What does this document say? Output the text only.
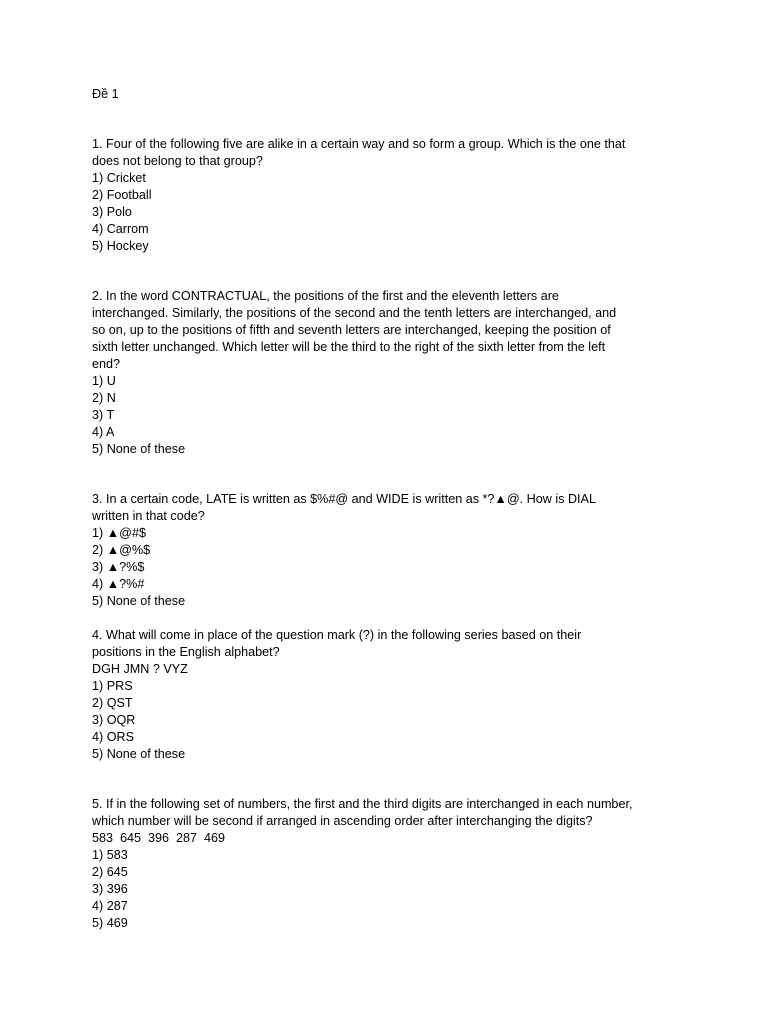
Đề 1
1. Four of the following five are alike in a certain way and so form a group. Which is the one that
does not belong to that group?
1) Cricket
2) Football
3) Polo
4) Carrom
5) Hockey
2. In the word CONTRACTUAL, the positions of the first and the eleventh letters are
interchanged. Similarly, the positions of the second and the tenth letters are interchanged, and
so on, up to the positions of fifth and seventh letters are interchanged, keeping the position of
sixth letter unchanged. Which letter will be the third to the right of the sixth letter from the left
end?
1) U
2) N
3) T
4) A
5) None of these
3. In a certain code, LATE is written as $%#@ and WIDE is written as *?▲@. How is DIAL
written in that code?
1) ▲@#$
2) ▲@%$
3) ▲?%$
4) ▲?%#
5) None of these
4. What will come in place of the question mark (?) in the following series based on their
positions in the English alphabet?
DGH JMN ? VYZ
1) PRS
2) QST
3) OQR
4) ORS
5) None of these
5. If in the following set of numbers, the first and the third digits are interchanged in each number,
which number will be second if arranged in ascending order after interchanging the digits?
583  645  396  287  469
1) 583
2) 645
3) 396
4) 287
5) 469
